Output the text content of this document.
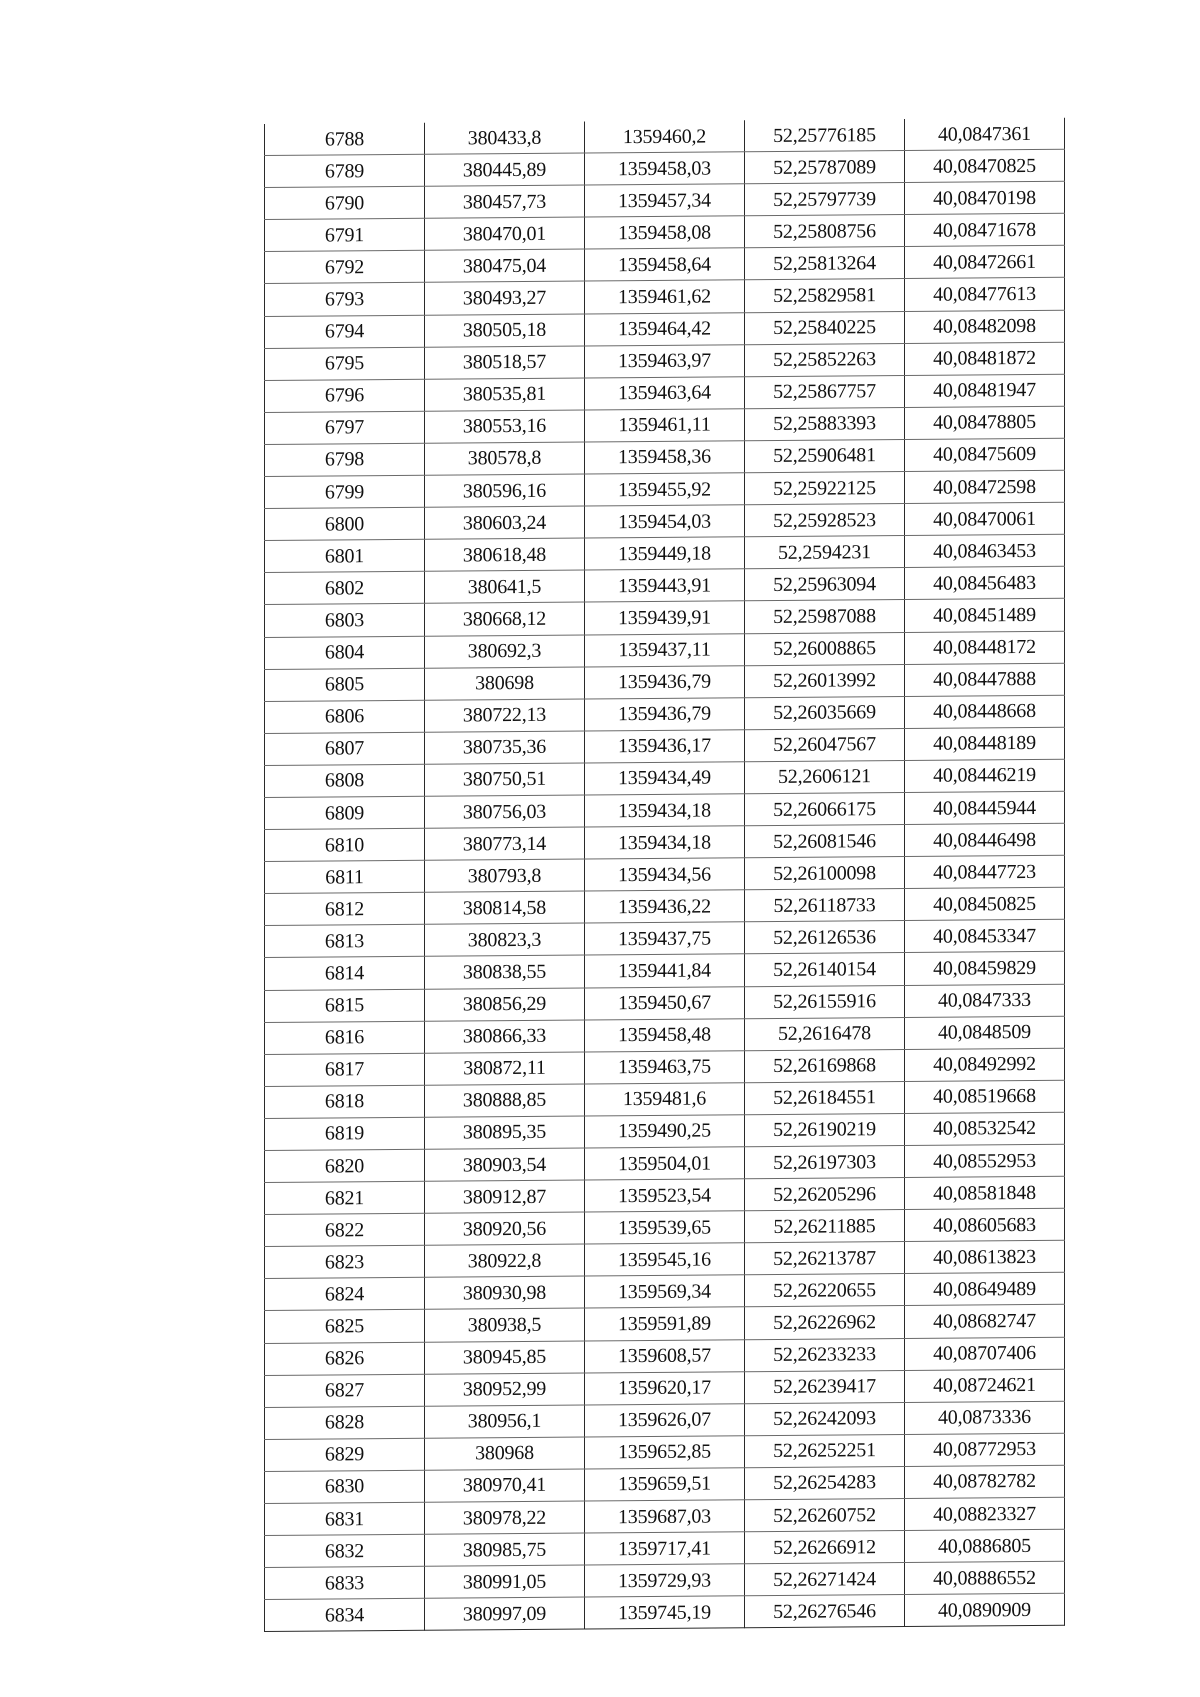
6788	380433,8	1359460,2	52,25776185	40,0847361
6789	380445,89	1359458,03	52,25787089	40,08470825
6790	380457,73	1359457,34	52,25797739	40,08470198
6791	380470,01	1359458,08	52,25808756	40,08471678
6792	380475,04	1359458,64	52,25813264	40,08472661
6793	380493,27	1359461,62	52,25829581	40,08477613
6794	380505,18	1359464,42	52,25840225	40,08482098
6795	380518,57	1359463,97	52,25852263	40,08481872
6796	380535,81	1359463,64	52,25867757	40,08481947
6797	380553,16	1359461,11	52,25883393	40,08478805
6798	380578,8	1359458,36	52,25906481	40,08475609
6799	380596,16	1359455,92	52,25922125	40,08472598
6800	380603,24	1359454,03	52,25928523	40,08470061
6801	380618,48	1359449,18	52,2594231	40,08463453
6802	380641,5	1359443,91	52,25963094	40,08456483
6803	380668,12	1359439,91	52,25987088	40,08451489
6804	380692,3	1359437,11	52,26008865	40,08448172
6805	380698	1359436,79	52,26013992	40,08447888
6806	380722,13	1359436,79	52,26035669	40,08448668
6807	380735,36	1359436,17	52,26047567	40,08448189
6808	380750,51	1359434,49	52,2606121	40,08446219
6809	380756,03	1359434,18	52,26066175	40,08445944
6810	380773,14	1359434,18	52,26081546	40,08446498
6811	380793,8	1359434,56	52,26100098	40,08447723
6812	380814,58	1359436,22	52,26118733	40,08450825
6813	380823,3	1359437,75	52,26126536	40,08453347
6814	380838,55	1359441,84	52,26140154	40,08459829
6815	380856,29	1359450,67	52,26155916	40,0847333
6816	380866,33	1359458,48	52,2616478	40,0848509
6817	380872,11	1359463,75	52,26169868	40,08492992
6818	380888,85	1359481,6	52,26184551	40,08519668
6819	380895,35	1359490,25	52,26190219	40,08532542
6820	380903,54	1359504,01	52,26197303	40,08552953
6821	380912,87	1359523,54	52,26205296	40,08581848
6822	380920,56	1359539,65	52,26211885	40,08605683
6823	380922,8	1359545,16	52,26213787	40,08613823
6824	380930,98	1359569,34	52,26220655	40,08649489
6825	380938,5	1359591,89	52,26226962	40,08682747
6826	380945,85	1359608,57	52,26233233	40,08707406
6827	380952,99	1359620,17	52,26239417	40,08724621
6828	380956,1	1359626,07	52,26242093	40,0873336
6829	380968	1359652,85	52,26252251	40,08772953
6830	380970,41	1359659,51	52,26254283	40,08782782
6831	380978,22	1359687,03	52,26260752	40,08823327
6832	380985,75	1359717,41	52,26266912	40,0886805
6833	380991,05	1359729,93	52,26271424	40,08886552
6834	380997,09	1359745,19	52,26276546	40,0890909
